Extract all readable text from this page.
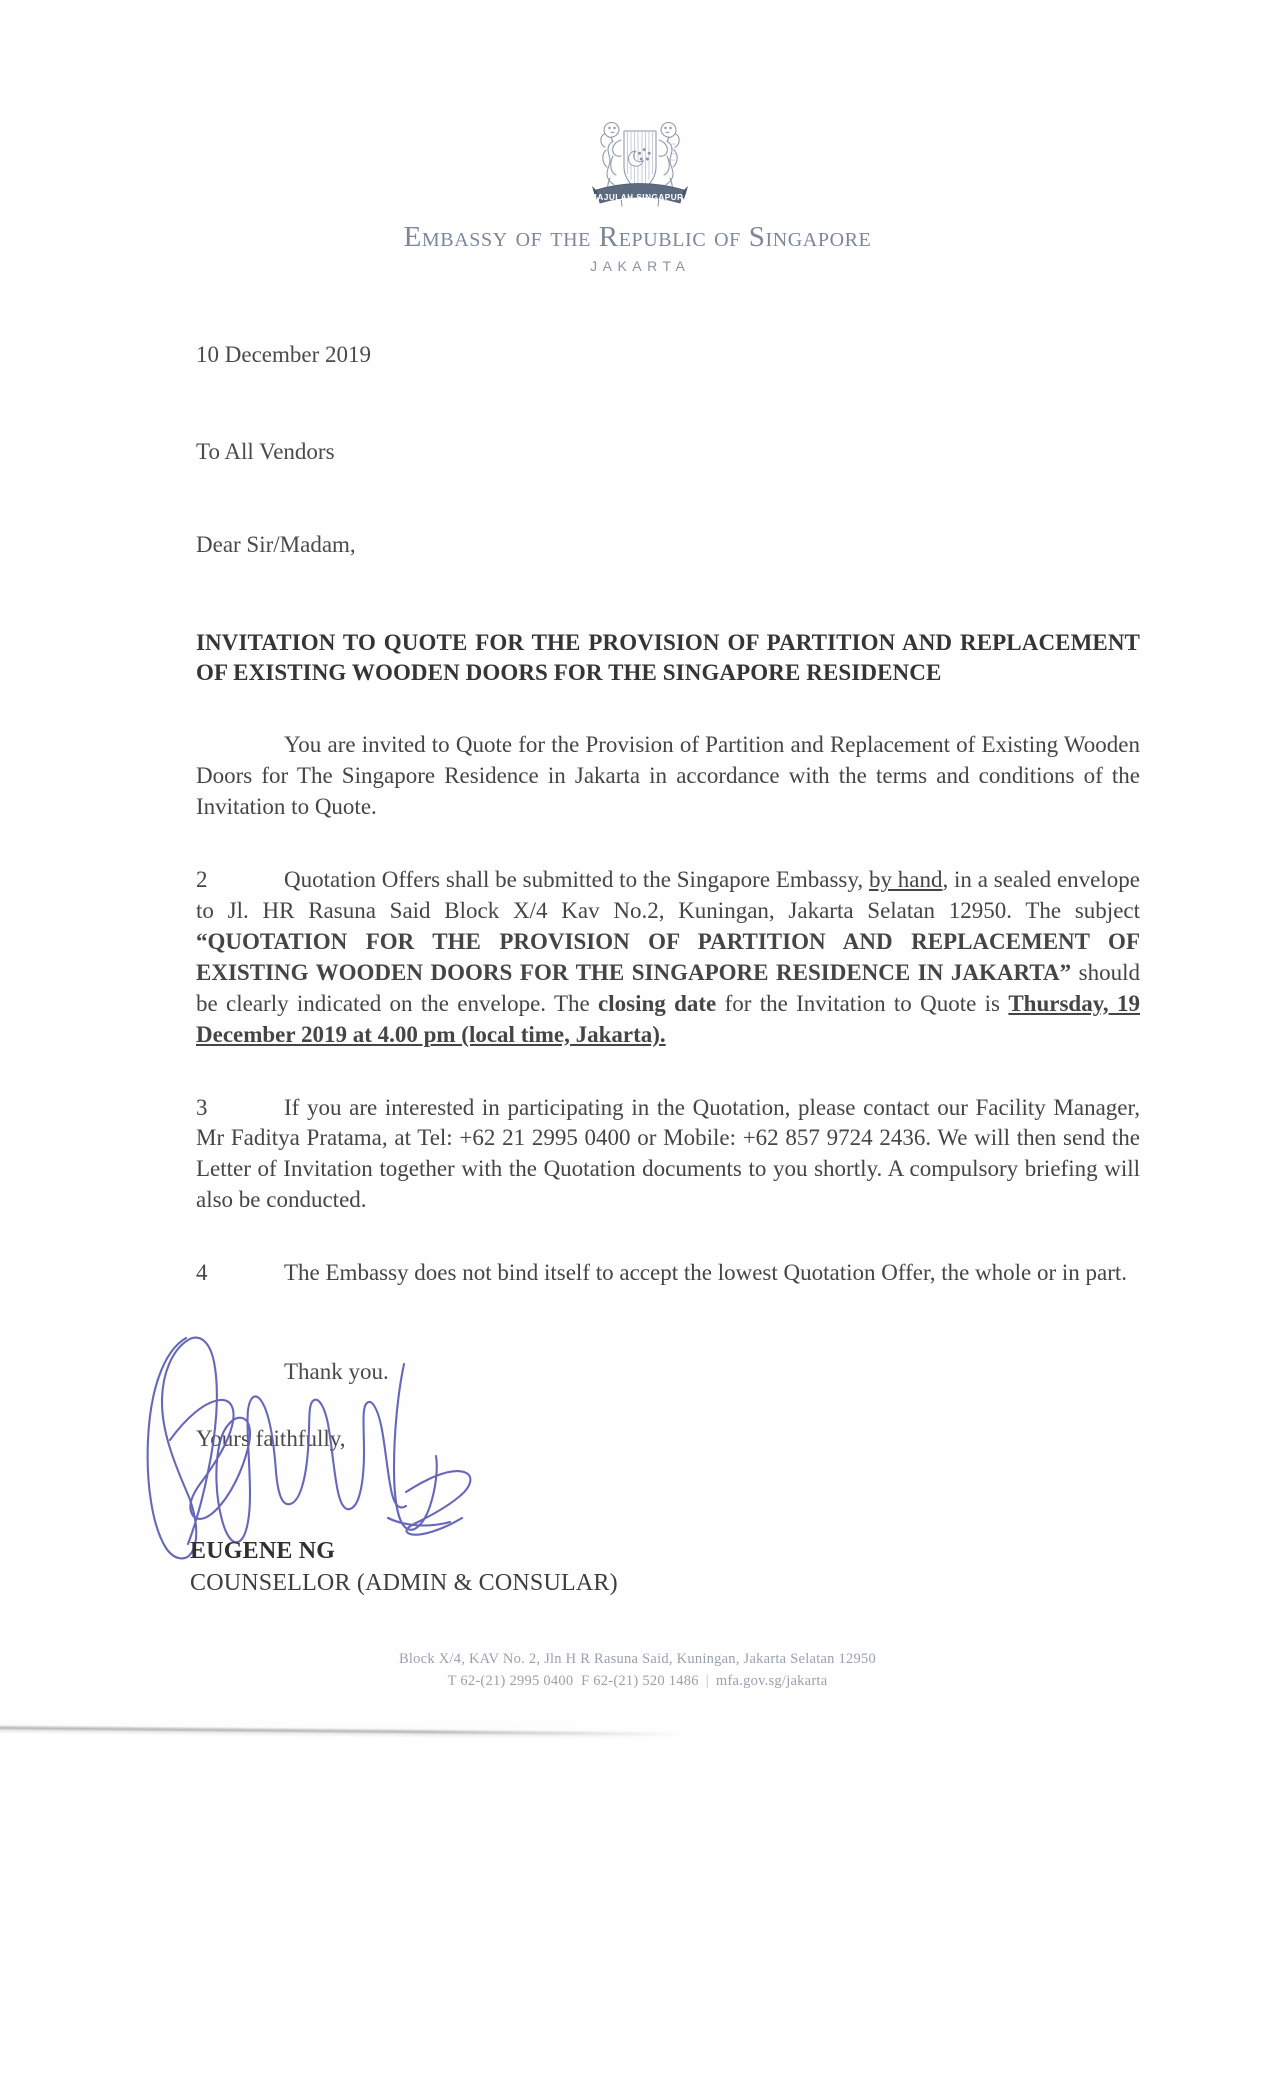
MAJULAH SINGAPURA
Embassy of the Republic of Singapore
JAKARTA

10 December 2019

To All Vendors

Dear Sir/Madam,

INVITATION TO QUOTE FOR THE PROVISION OF PARTITION AND REPLACEMENT OF EXISTING WOODEN DOORS FOR THE SINGAPORE RESIDENCE

You are invited to Quote for the Provision of Partition and Replacement of Existing Wooden Doors for The Singapore Residence in Jakarta in accordance with the terms and conditions of the Invitation to Quote.

2	Quotation Offers shall be submitted to the Singapore Embassy, by hand, in a sealed envelope to Jl. HR Rasuna Said Block X/4 Kav No.2, Kuningan, Jakarta Selatan 12950. The subject “QUOTATION FOR THE PROVISION OF PARTITION AND REPLACEMENT OF EXISTING WOODEN DOORS FOR THE SINGAPORE RESIDENCE IN JAKARTA” should be clearly indicated on the envelope. The closing date for the Invitation to Quote is Thursday, 19 December 2019 at 4.00 pm (local time, Jakarta).

3	If you are interested in participating in the Quotation, please contact our Facility Manager, Mr Faditya Pratama, at Tel: +62 21 2995 0400 or Mobile: +62 857 9724 2436. We will then send the Letter of Invitation together with the Quotation documents to you shortly. A compulsory briefing will also be conducted.

4	The Embassy does not bind itself to accept the lowest Quotation Offer, the whole or in part.

Thank you.

Yours faithfully,

EUGENE NG
COUNSELLOR (ADMIN & CONSULAR)
Block X/4, KAV No. 2, Jln H R Rasuna Said, Kuningan, Jakarta Selatan 12950
T 62-(21) 2995 0400 F 62-(21) 520 1486 | mfa.gov.sg/jakarta
